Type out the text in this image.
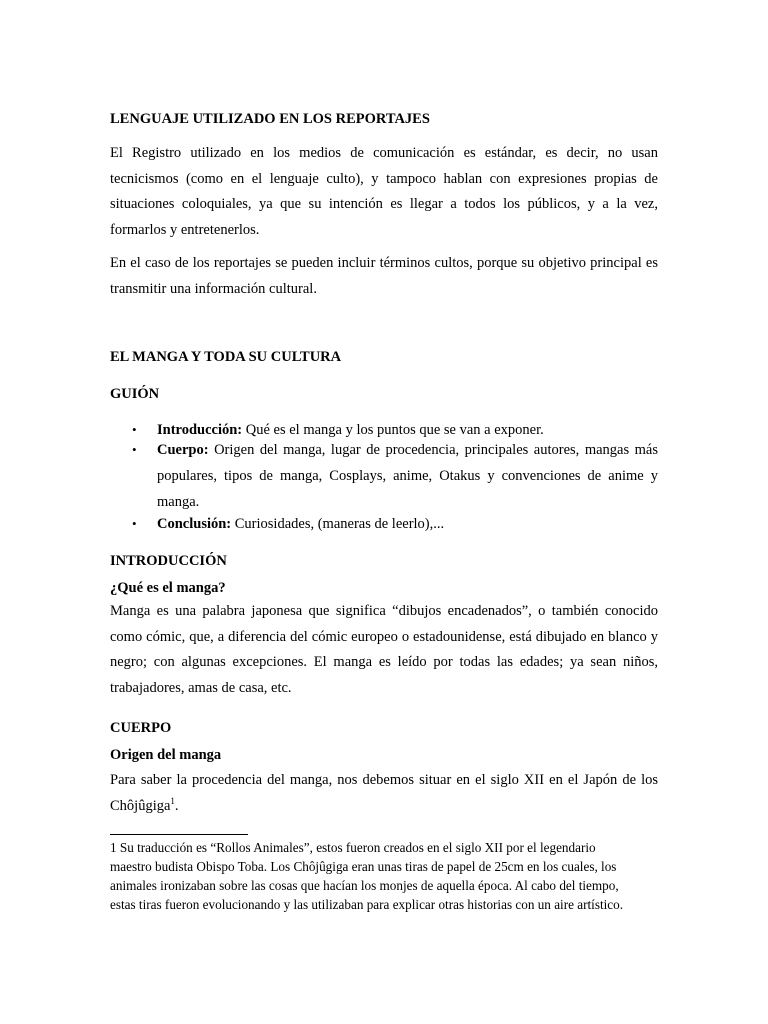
LENGUAJE UTILIZADO EN LOS REPORTAJES

El Registro utilizado en los medios de comunicación es estándar, es decir, no usan tecnicismos (como en el lenguaje culto), y tampoco hablan con expresiones propias de situaciones coloquiales, ya que su intención es llegar a todos los públicos, y a la vez, formarlos y entretenerlos.

En el caso de los reportajes se pueden incluir términos cultos, porque su objetivo principal es transmitir una información cultural.

EL MANGA Y TODA SU CULTURA
GUIÓN
• Introducción: Qué es el manga y los puntos que se van a exponer.
• Cuerpo: Origen del manga, lugar de procedencia, principales autores, mangas más populares, tipos de manga, Cosplays, anime, Otakus y convenciones de anime y manga.
• Conclusión: Curiosidades, (maneras de leerlo),...
INTRODUCCIÓN
¿Qué es el manga?

Manga es una palabra japonesa que significa “dibujos encadenados”, o también conocido como cómic, que, a diferencia del cómic europeo o estadounidense, está dibujado en blanco y negro; con algunas excepciones. El manga es leído por todas las edades; ya sean niños, trabajadores, amas de casa, etc.

CUERPO
Origen del manga

Para saber la procedencia del manga, nos debemos situar en el siglo XII en el Japón de los Chôjûgiga$^1$.

1 Su traducción es “Rollos Animales”, estos fueron creados en el siglo XII por el legendario maestro budista Obispo Toba. Los Chôjûgiga eran unas tiras de papel de 25cm en los cuales, los animales ironizaban sobre las cosas que hacían los monjes de aquella época. Al cabo del tiempo, estas tiras fueron evolucionando y las utilizaban para explicar otras historias con un aire artístico.
